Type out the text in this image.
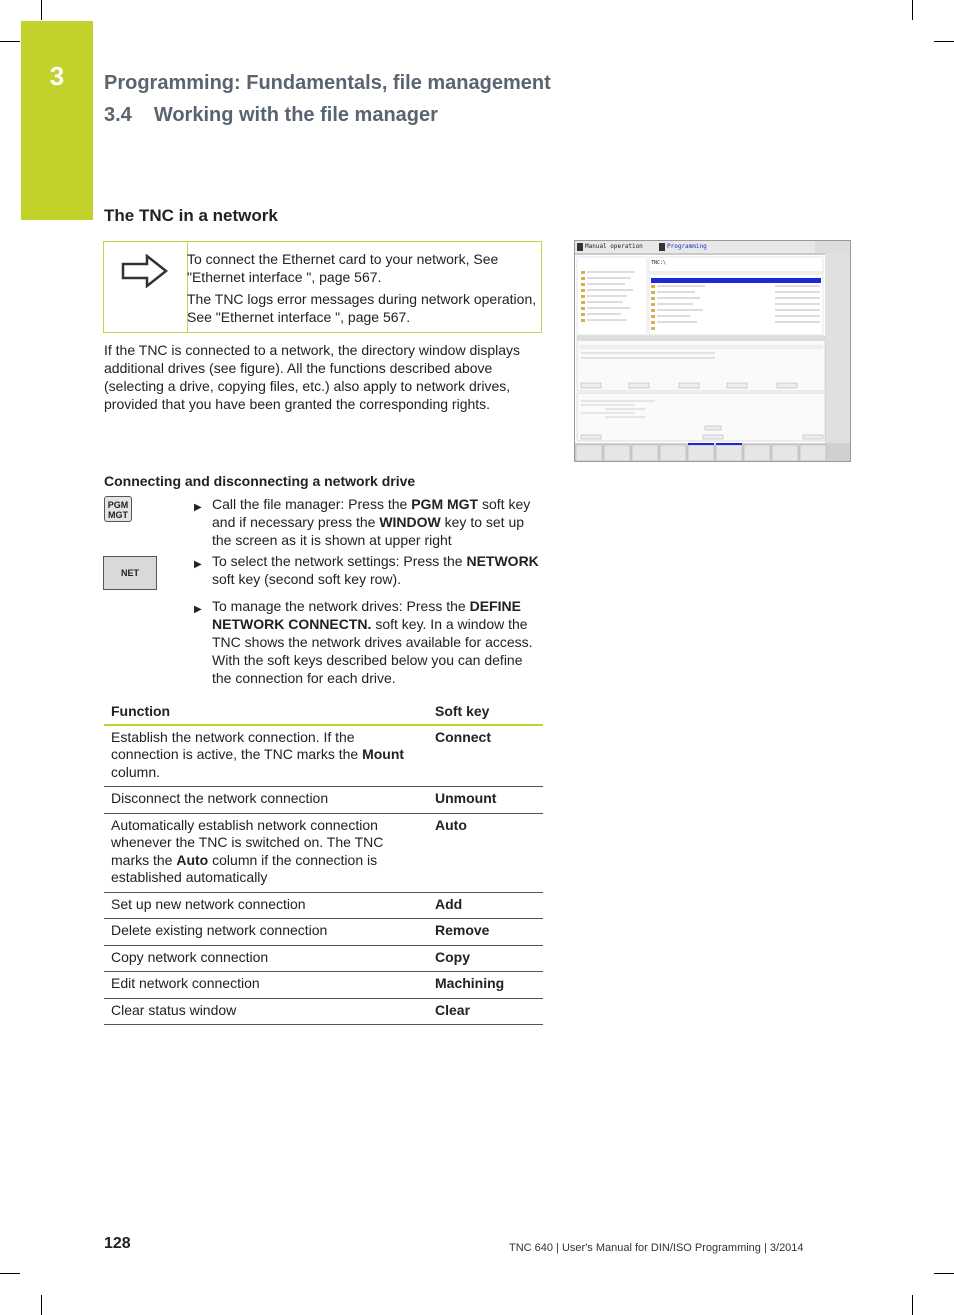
3	Programming: Fundamentals, file management
3.4 Working with the file manager
The TNC in a network

To connect the Ethernet card to your network, See "Ethernet interface ", page 567.

The TNC logs error messages during network operation, See "Ethernet interface ", page 567.

If the TNC is connected to a network, the directory window displays additional drives (see figure). All the functions described above (selecting a drive, copying files, etc.) also apply to network drives, provided that you have been granted the corresponding rights.
Manual operation	Programming
TNC:\
Connecting and disconnecting a network drive
PGM
MGT
NET
▶ Call the file manager: Press the PGM MGT soft key and if necessary press the WINDOW key to set up the screen as it is shown at upper right
▶ To select the network settings: Press the NETWORK soft key (second soft key row).
▶ To manage the network drives: Press the DEFINE NETWORK CONNECTN. soft key. In a window the TNC shows the network drives available for access. With the soft keys described below you can define the connection for each drive.
Function	Soft key
Establish the network connection. If the connection is active, the TNC marks the Mount column.	Connect
Disconnect the network connection	Unmount
Automatically establish network connection whenever the TNC is switched on. The TNC marks the Auto column if the connection is established automatically	Auto
Set up new network connection	Add
Delete existing network connection	Remove
Copy network connection	Copy
Edit network connection	Machining
Clear status window	Clear
128	TNC 640 | User's Manual for DIN/ISO Programming | 3/2014
